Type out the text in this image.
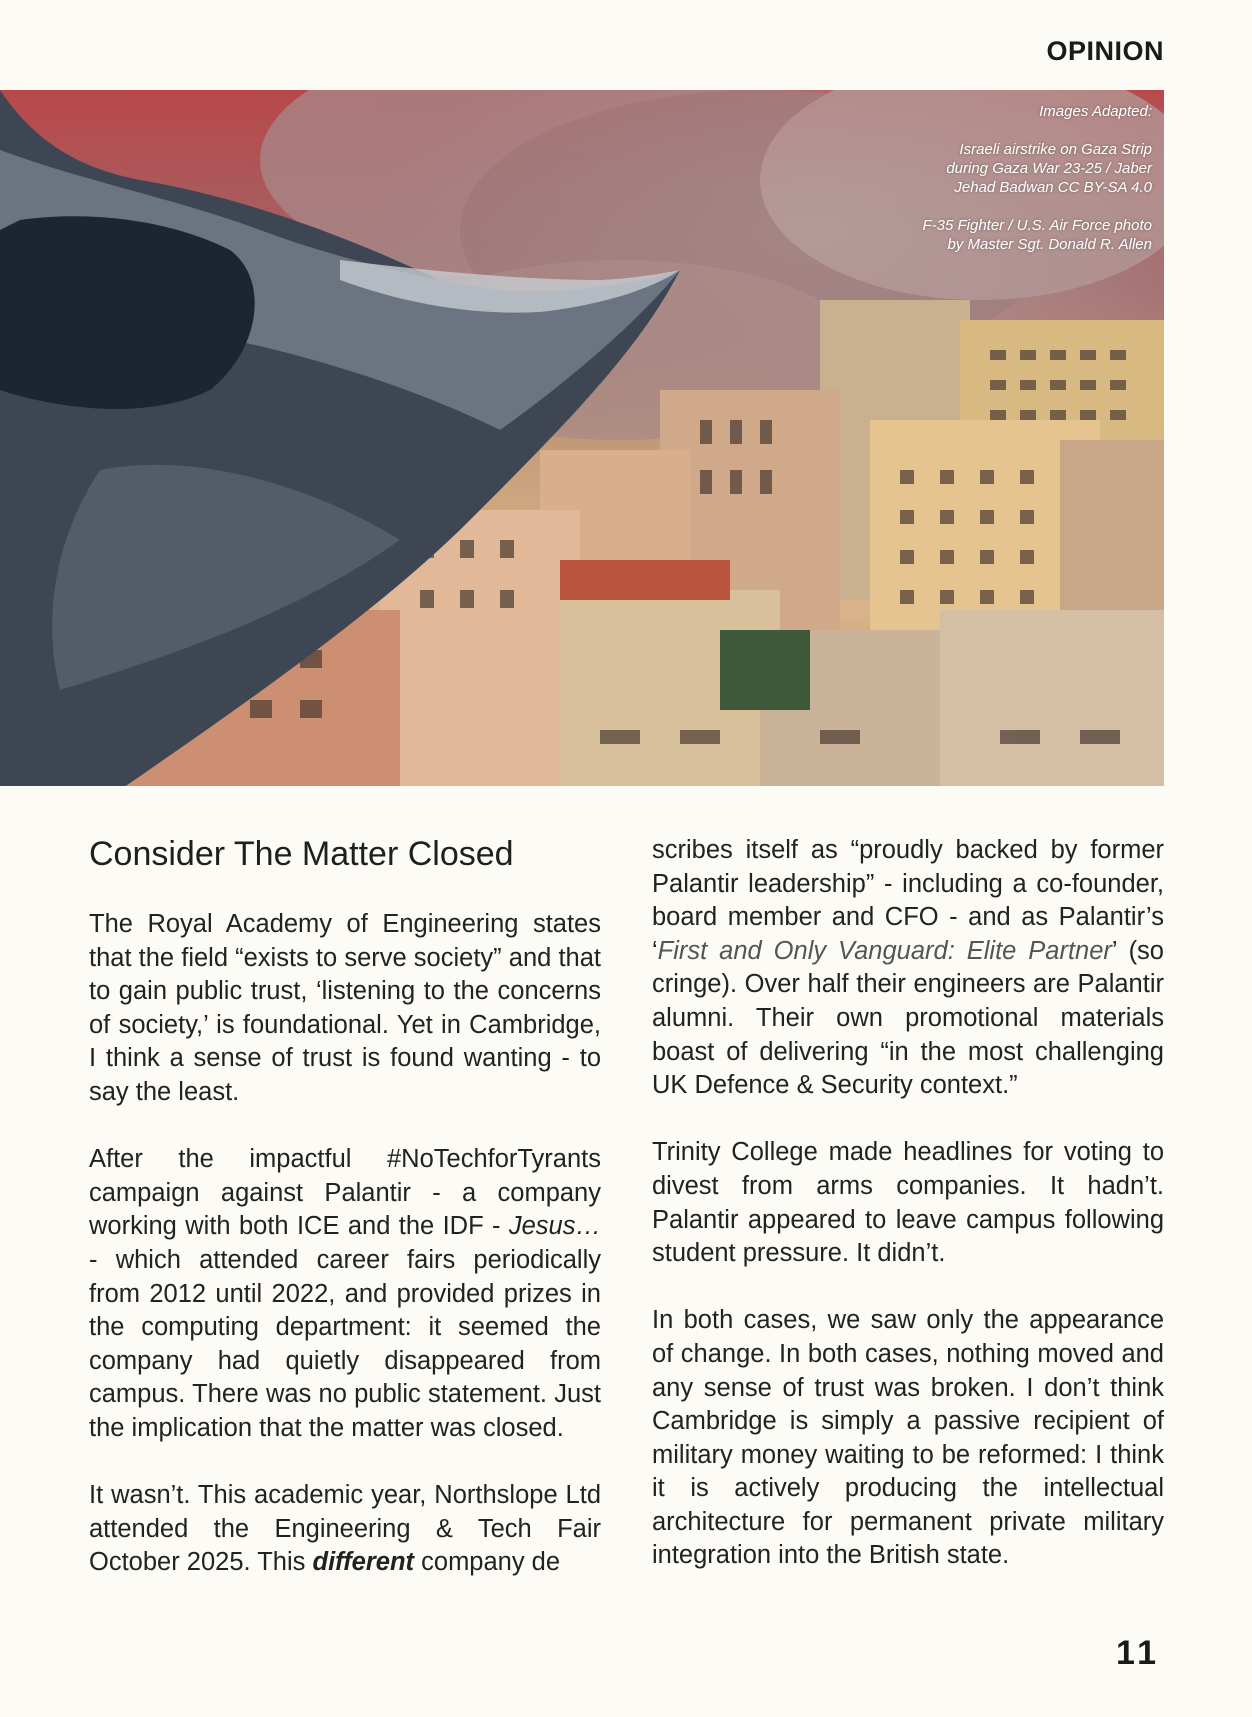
OPINION

Images Adapted:

Israeli airstrike on Gaza Strip
during Gaza War 23-25 / Jaber
Jehad Badwan CC BY-SA 4.0

F-35 Fighter / U.S. Air Force photo
by Master Sgt. Donald R. Allen

Consider The Matter Closed

The Royal Academy of Engineering states that the field “exists to serve society” and that to gain public trust, ‘listening to the concerns of society,’ is foundational. Yet in Cambridge, I think a sense of trust is found wanting - to say the least.

After the impactful #NoTechforTyrants campaign against Palantir - a company working with both ICE and the IDF - Jesus… - which attended career fairs periodically from 2012 until 2022, and provided prizes in the computing department: it seemed the company had quietly disappeared from campus. There was no public statement. Just the implication that the matter was closed.

It wasn’t. This academic year, Northslope Ltd attended the Engineering & Tech Fair October 2025. This different company de

scribes itself as “proudly backed by former Palantir leadership” - including a co-founder, board member and CFO - and as Palantir’s ‘First and Only Vanguard: Elite Partner’ (so cringe). Over half their engineers are Palantir alumni. Their own promotional materials boast of delivering “in the most challenging UK Defence & Security context.”

Trinity College made headlines for voting to divest from arms companies. It hadn’t. Palantir appeared to leave campus following student pressure. It didn’t.

In both cases, we saw only the appearance of change. In both cases, nothing moved and any sense of trust was broken. I don’t think Cambridge is simply a passive recipient of military money waiting to be reformed: I think it is actively producing the intellectual architecture for permanent private military integration into the British state.

11
